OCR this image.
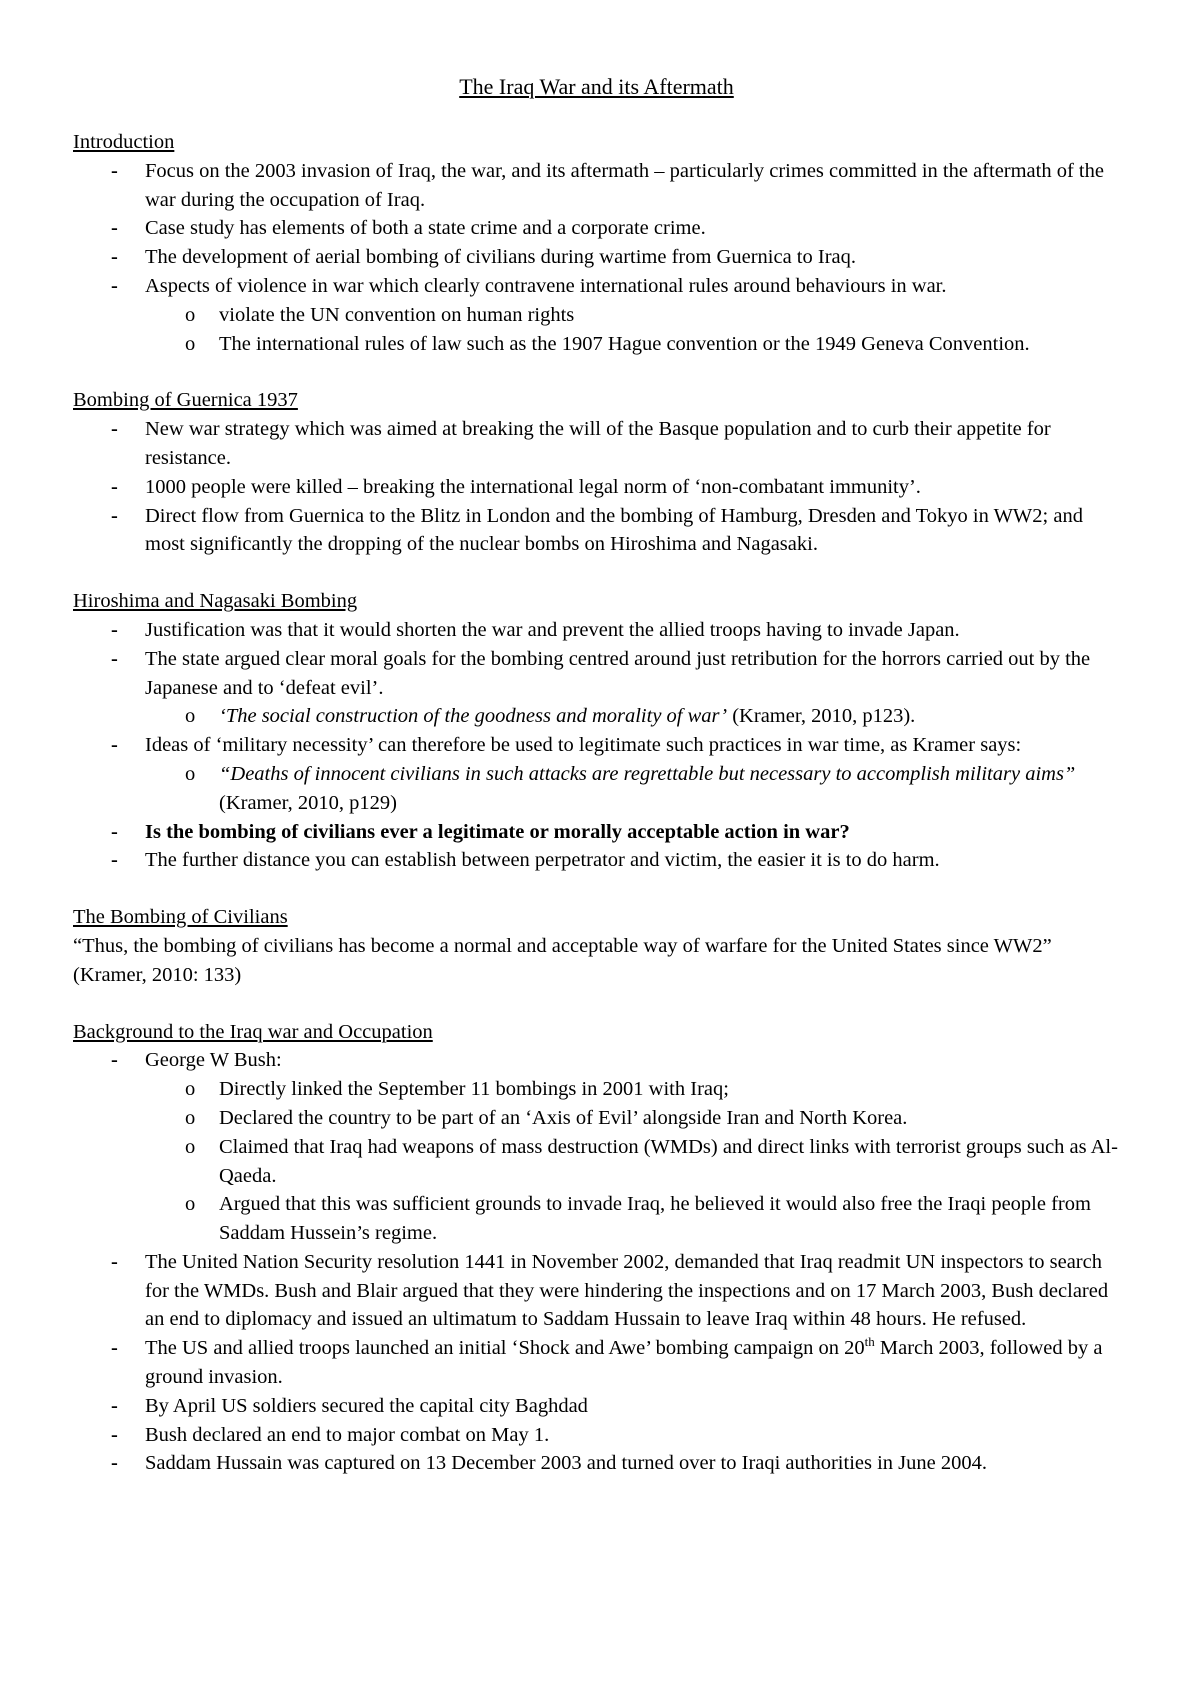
The Iraq War and its Aftermath

Introduction

- Focus on the 2003 invasion of Iraq, the war, and its aftermath – particularly crimes committed in the aftermath of the war during the occupation of Iraq.
- Case study has elements of both a state crime and a corporate crime.
- The development of aerial bombing of civilians during wartime from Guernica to Iraq.
- Aspects of violence in war which clearly contravene international rules around behaviours in war.
o violate the UN convention on human rights
o The international rules of law such as the 1907 Hague convention or the 1949 Geneva Convention.

Bombing of Guernica 1937

- New war strategy which was aimed at breaking the will of the Basque population and to curb their appetite for resistance.
- 1000 people were killed – breaking the international legal norm of ‘non-combatant immunity’.
- Direct flow from Guernica to the Blitz in London and the bombing of Hamburg, Dresden and Tokyo in WW2; and most significantly the dropping of the nuclear bombs on Hiroshima and Nagasaki.

Hiroshima and Nagasaki Bombing

- Justification was that it would shorten the war and prevent the allied troops having to invade Japan.
- The state argued clear moral goals for the bombing centred around just retribution for the horrors carried out by the Japanese and to ‘defeat evil’.
o ‘The social construction of the goodness and morality of war’ (Kramer, 2010, p123).
- Ideas of ‘military necessity’ can therefore be used to legitimate such practices in war time, as Kramer says:
o “Deaths of innocent civilians in such attacks are regrettable but necessary to accomplish military aims” (Kramer, 2010, p129)
- Is the bombing of civilians ever a legitimate or morally acceptable action in war?
- The further distance you can establish between perpetrator and victim, the easier it is to do harm.

The Bombing of Civilians

“Thus, the bombing of civilians has become a normal and acceptable way of warfare for the United States since WW2” (Kramer, 2010: 133)

Background to the Iraq war and Occupation

- George W Bush:
o Directly linked the September 11 bombings in 2001 with Iraq;
o Declared the country to be part of an ‘Axis of Evil’ alongside Iran and North Korea.
o Claimed that Iraq had weapons of mass destruction (WMDs) and direct links with terrorist groups such as Al-Qaeda.
o Argued that this was sufficient grounds to invade Iraq, he believed it would also free the Iraqi people from Saddam Hussein’s regime.
- The United Nation Security resolution 1441 in November 2002, demanded that Iraq readmit UN inspectors to search for the WMDs. Bush and Blair argued that they were hindering the inspections and on 17 March 2003, Bush declared an end to diplomacy and issued an ultimatum to Saddam Hussain to leave Iraq within 48 hours. He refused.
- The US and allied troops launched an initial ‘Shock and Awe’ bombing campaign on 20th March 2003, followed by a ground invasion.
- By April US soldiers secured the capital city Baghdad
- Bush declared an end to major combat on May 1.
- Saddam Hussain was captured on 13 December 2003 and turned over to Iraqi authorities in June 2004.
